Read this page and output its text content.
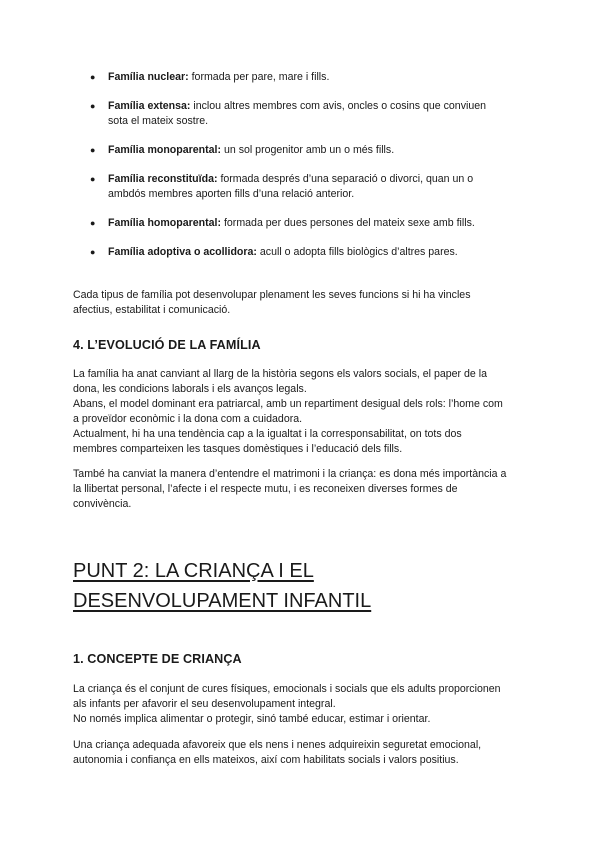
● Família nuclear: formada per pare, mare i fills.
● Família extensa: inclou altres membres com avis, oncles o cosins que conviuen
sota el mateix sostre.
● Família monoparental: un sol progenitor amb un o més fills.
● Família reconstituïda: formada després d’una separació o divorci, quan un o
ambdós membres aporten fills d’una relació anterior.
● Família homoparental: formada per dues persones del mateix sexe amb fills.
● Família adoptiva o acollidora: acull o adopta fills biològics d’altres pares.

Cada tipus de família pot desenvolupar plenament les seves funcions si hi ha vincles
afectius, estabilitat i comunicació.

4. L’EVOLUCIÓ DE LA FAMÍLIA

La família ha anat canviant al llarg de la història segons els valors socials, el paper de la
dona, les condicions laborals i els avanços legals.
Abans, el model dominant era patriarcal, amb un repartiment desigual dels rols: l’home com
a proveïdor econòmic i la dona com a cuidadora.
Actualment, hi ha una tendència cap a la igualtat i la corresponsabilitat, on tots dos
membres comparteixen les tasques domèstiques i l’educació dels fills.

També ha canviat la manera d’entendre el matrimoni i la criança: es dona més importància a
la llibertat personal, l’afecte i el respecte mutu, i es reconeixen diverses formes de
convivència.

PUNT 2: LA CRIANÇA I EL
DESENVOLUPAMENT INFANTIL
1. CONCEPTE DE CRIANÇA

La criança és el conjunt de cures físiques, emocionals i socials que els adults proporcionen
als infants per afavorir el seu desenvolupament integral.
No només implica alimentar o protegir, sinó també educar, estimar i orientar.

Una criança adequada afavoreix que els nens i nenes adquireixin seguretat emocional,
autonomia i confiança en ells mateixos, així com habilitats socials i valors positius.
